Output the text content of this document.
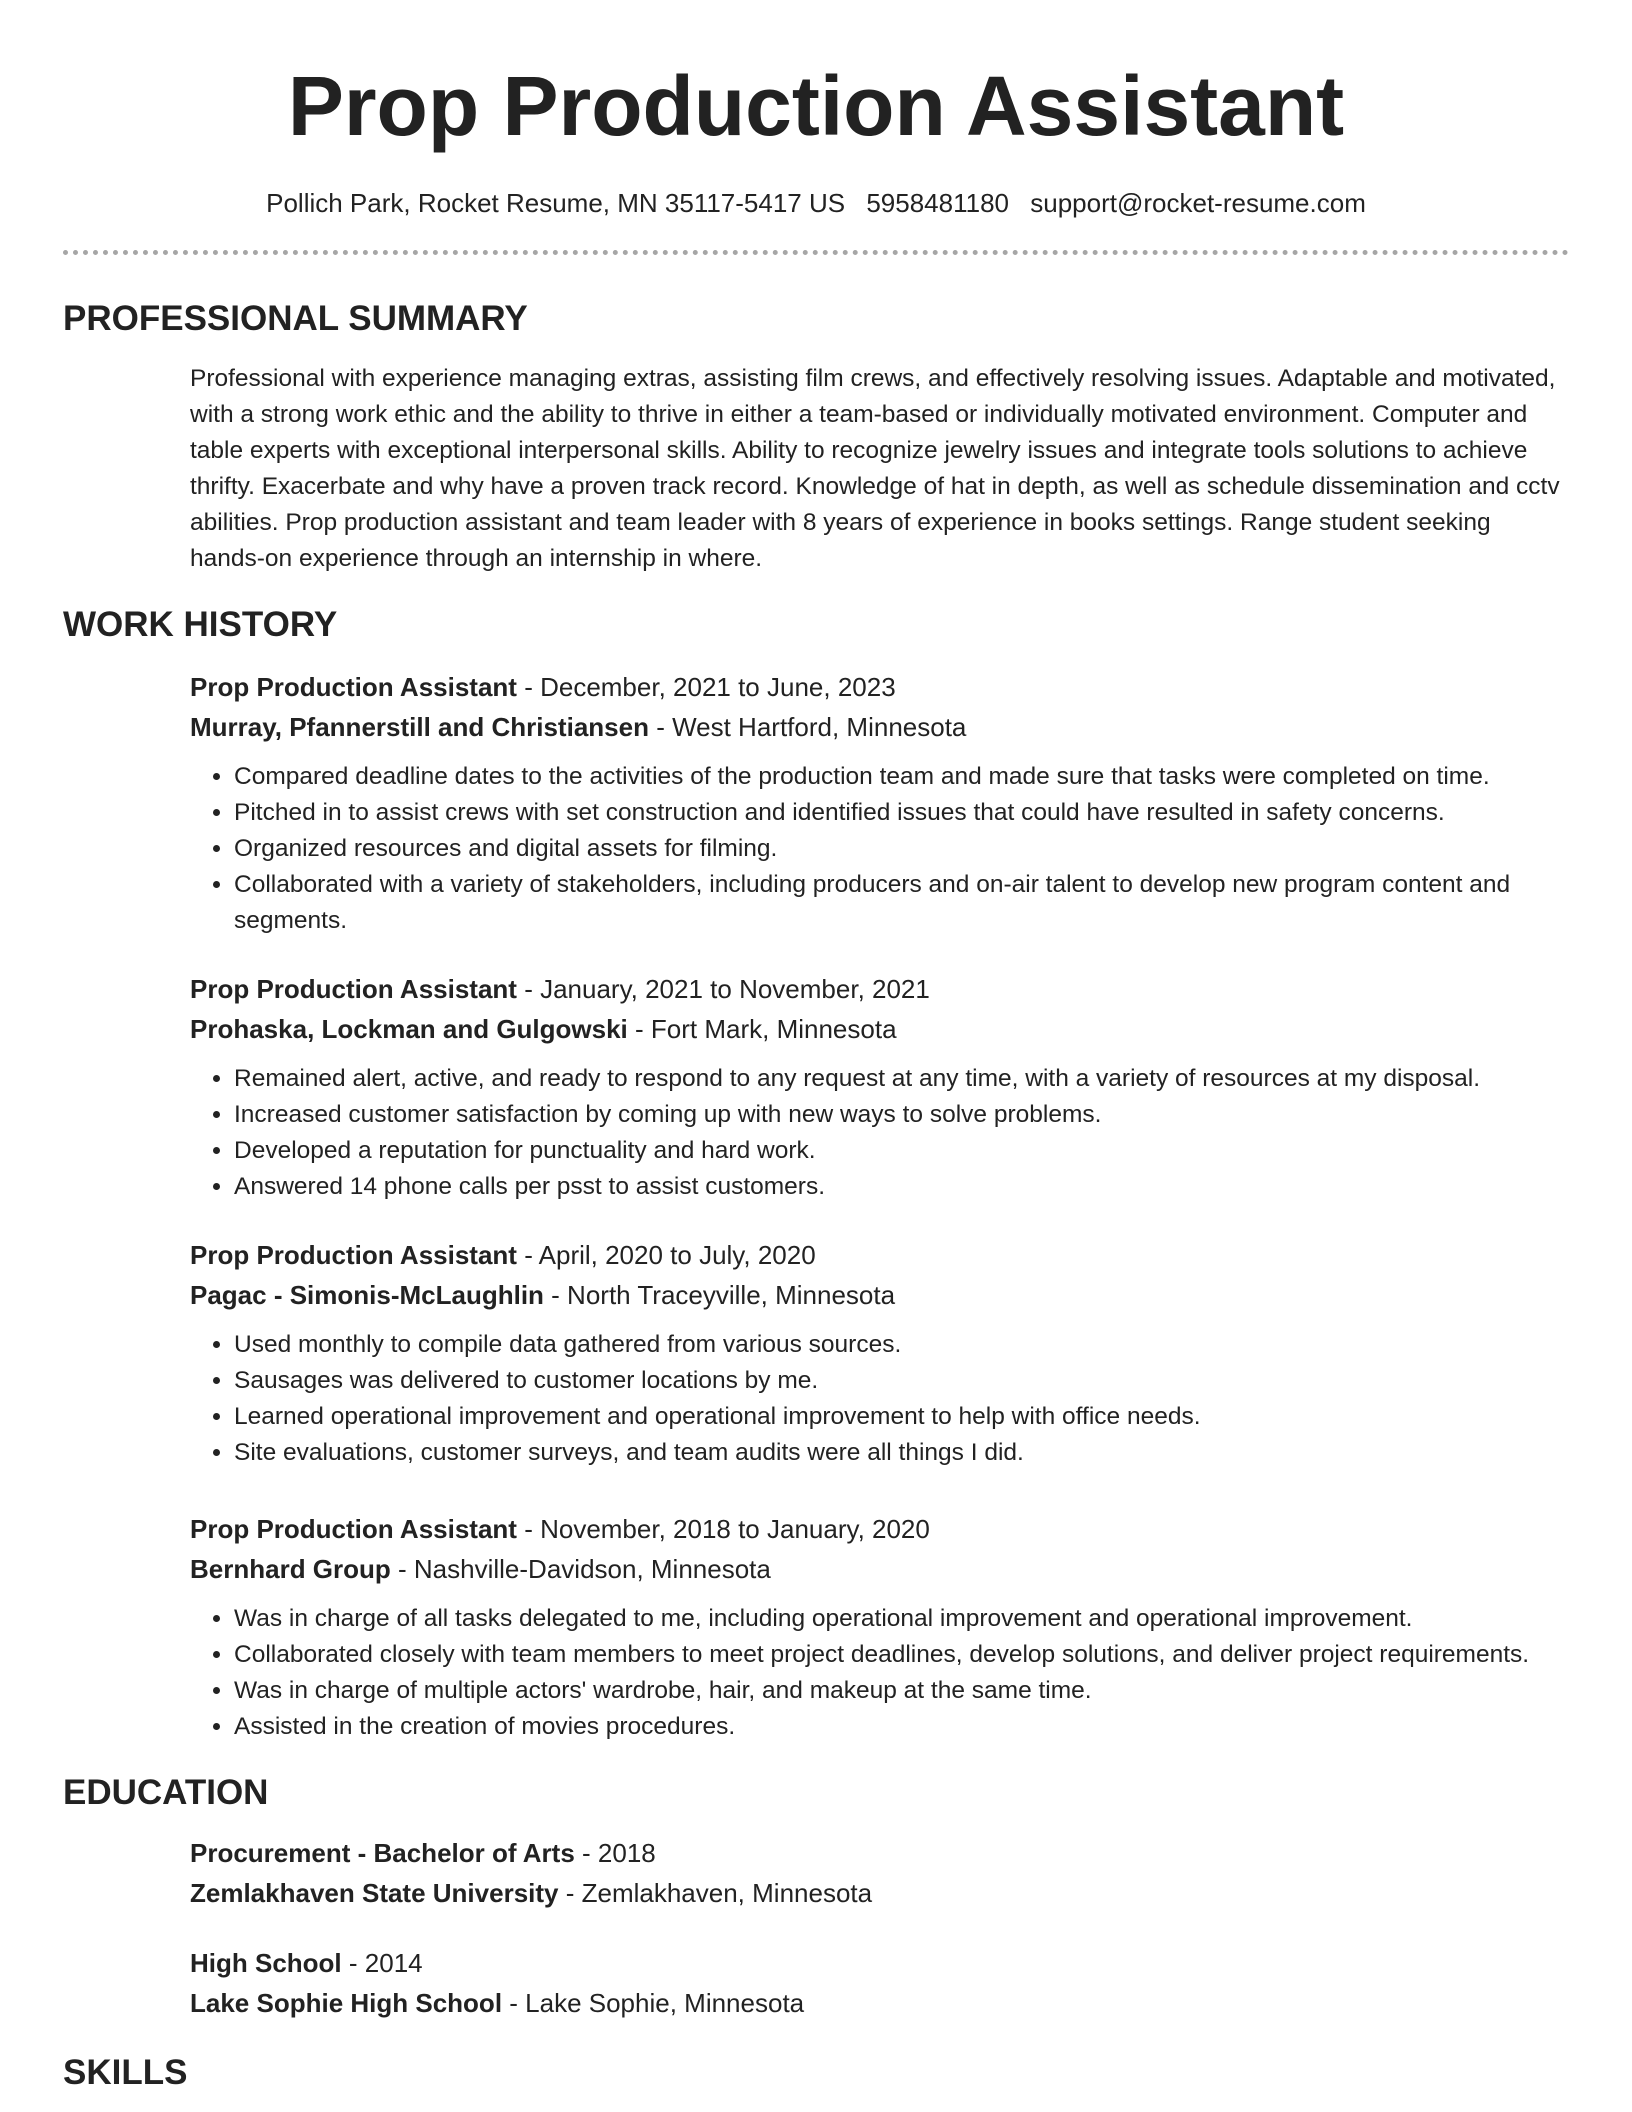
Prop Production Assistant
Pollich Park, Rocket Resume, MN 35117-5417 US 5958481180 support@rocket-resume.com
PROFESSIONAL SUMMARY

Professional with experience managing extras, assisting film crews, and effectively resolving issues. Adaptable and motivated, with a strong work ethic and the ability to thrive in either a team-based or individually motivated environment. Computer and table experts with exceptional interpersonal skills. Ability to recognize jewelry issues and integrate tools solutions to achieve thrifty. Exacerbate and why have a proven track record. Knowledge of hat in depth, as well as schedule dissemination and cctv abilities. Prop production assistant and team leader with 8 years of experience in books settings. Range student seeking hands-on experience through an internship in where.

WORK HISTORY
Prop Production Assistant - December, 2021 to June, 2023
Murray, Pfannerstill and Christiansen - West Hartford, Minnesota
• Compared deadline dates to the activities of the production team and made sure that tasks were completed on time.
• Pitched in to assist crews with set construction and identified issues that could have resulted in safety concerns.
• Organized resources and digital assets for filming.
• Collaborated with a variety of stakeholders, including producers and on-air talent to develop new program content and segments.
Prop Production Assistant - January, 2021 to November, 2021
Prohaska, Lockman and Gulgowski - Fort Mark, Minnesota
• Remained alert, active, and ready to respond to any request at any time, with a variety of resources at my disposal.
• Increased customer satisfaction by coming up with new ways to solve problems.
• Developed a reputation for punctuality and hard work.
• Answered 14 phone calls per psst to assist customers.
Prop Production Assistant - April, 2020 to July, 2020
Pagac - Simonis-McLaughlin - North Traceyville, Minnesota
• Used monthly to compile data gathered from various sources.
• Sausages was delivered to customer locations by me.
• Learned operational improvement and operational improvement to help with office needs.
• Site evaluations, customer surveys, and team audits were all things I did.
Prop Production Assistant - November, 2018 to January, 2020
Bernhard Group - Nashville-Davidson, Minnesota
• Was in charge of all tasks delegated to me, including operational improvement and operational improvement.
• Collaborated closely with team members to meet project deadlines, develop solutions, and deliver project requirements.
• Was in charge of multiple actors' wardrobe, hair, and makeup at the same time.
• Assisted in the creation of movies procedures.
EDUCATION
Procurement - Bachelor of Arts - 2018
Zemlakhaven State University - Zemlakhaven, Minnesota
High School - 2014
Lake Sophie High School - Lake Sophie, Minnesota
SKILLS
